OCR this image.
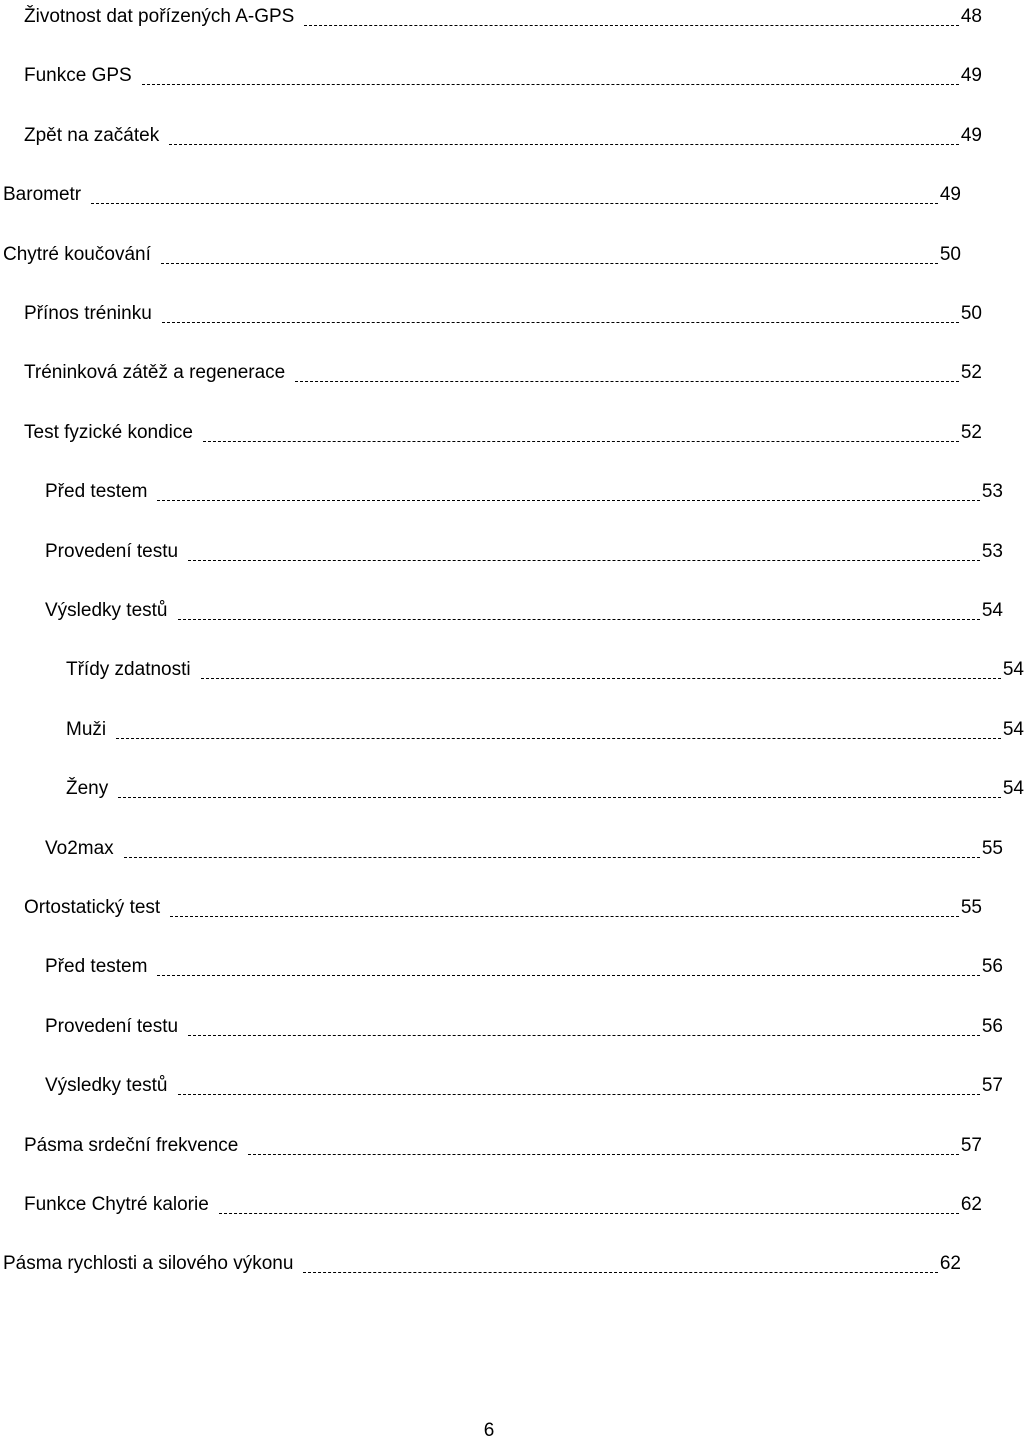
Životnost dat pořízených A-GPS	48
Funkce GPS	49
Zpět na začátek	49
Barometr	49
Chytré koučování	50
Přínos tréninku	50
Tréninková zátěž a regenerace	52
Test fyzické kondice	52
Před testem	53
Provedení testu	53
Výsledky testů	54
Třídy zdatnosti	54
Muži	54
Ženy	54
Vo2max	55
Ortostatický test	55
Před testem	56
Provedení testu	56
Výsledky testů	57
Pásma srdeční frekvence	57
Funkce Chytré kalorie	62
Pásma rychlosti a silového výkonu	62
6
